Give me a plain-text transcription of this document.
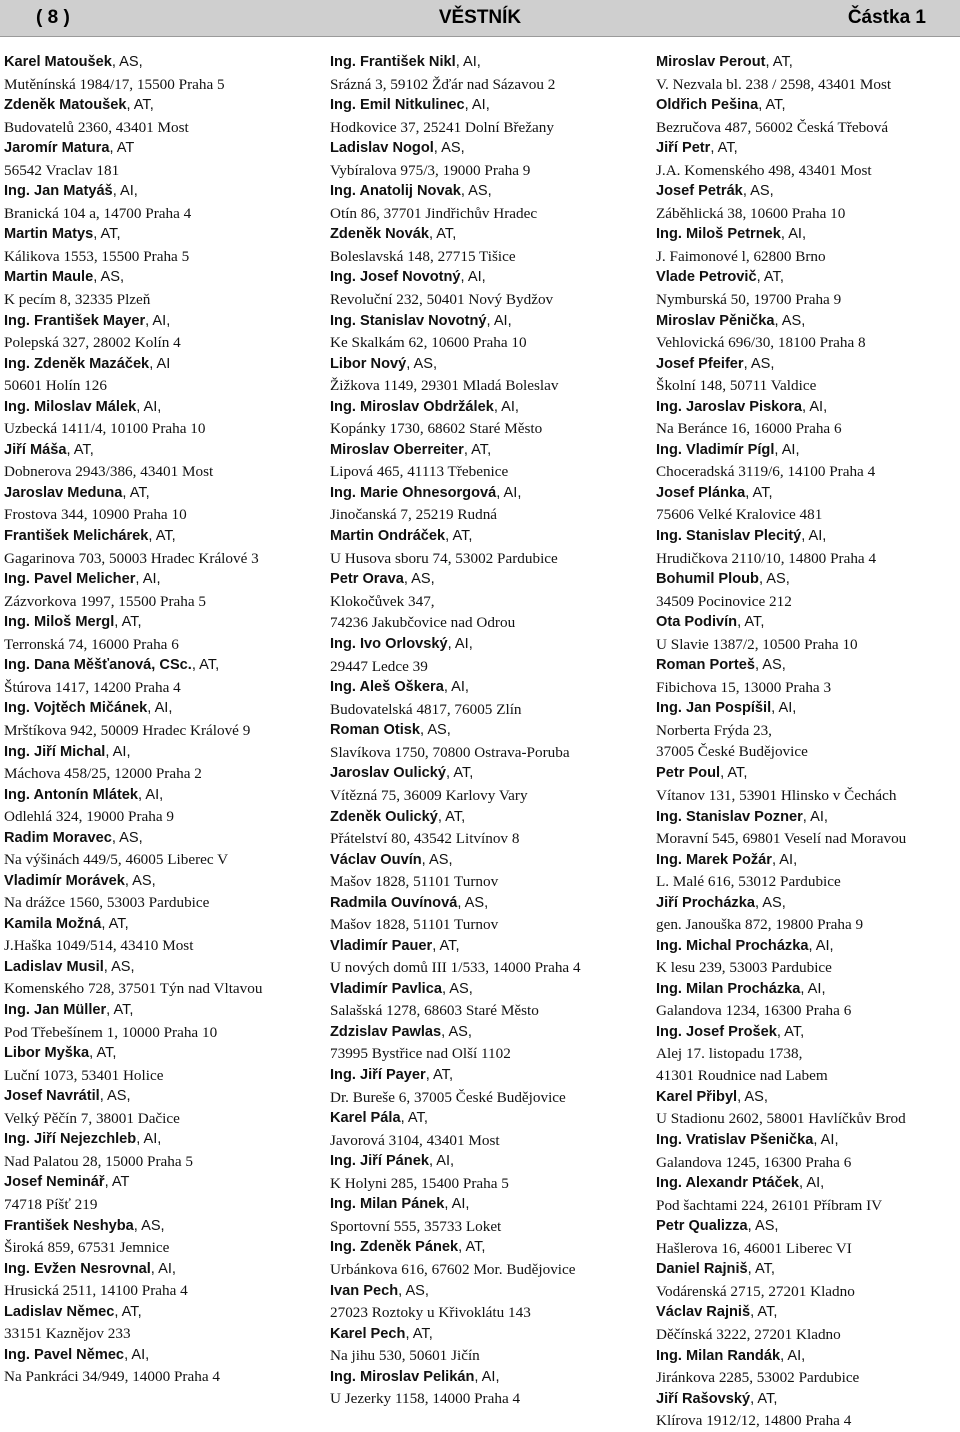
( 8 )	VĚSTNÍK	Částka 1
Karel Matoušek, AS,
Mutěnínská 1984/17, 15500 Praha 5
Zdeněk Matoušek, AT,
Budovatelů 2360, 43401 Most
Jaromír Matura, AT
56542 Vraclav 181
Ing. Jan Matyáš, AI,
Branická 104 a, 14700 Praha 4
Martin Matys, AT,
Kálikova 1553, 15500 Praha 5
Martin Maule, AS,
K pecím 8, 32335 Plzeň
Ing. František Mayer, AI,
Polepská 327, 28002 Kolín 4
Ing. Zdeněk Mazáček, AI
50601 Holín 126
Ing. Miloslav Málek, AI,
Uzbecká 1411/4, 10100 Praha 10
Jiří Máša, AT,
Dobnerova 2943/386, 43401 Most
Jaroslav Meduna, AT,
Frostova 344, 10900 Praha 10
František Melichárek, AT,
Gagarinova 703, 50003 Hradec Králové 3
Ing. Pavel Melicher, AI,
Zázvorkova 1997, 15500 Praha 5
Ing. Miloš Mergl, AT,
Terronská 74, 16000 Praha 6
Ing. Dana Měšťanová, CSc., AT,
Štúrova 1417, 14200 Praha 4
Ing. Vojtěch Mičánek, AI,
Mrštíkova 942, 50009 Hradec Králové 9
Ing. Jiří Michal, AI,
Máchova 458/25, 12000 Praha 2
Ing. Antonín Mlátek, AI,
Odlehlá 324, 19000 Praha 9
Radim Moravec, AS,
Na výšinách 449/5, 46005 Liberec V
Vladimír Morávek, AS,
Na drážce 1560, 53003 Pardubice
Kamila Možná, AT,
J.Haška 1049/514, 43410 Most
Ladislav Musil, AS,
Komenského 728, 37501 Týn nad Vltavou
Ing. Jan Müller, AT,
Pod Třebešínem 1, 10000 Praha 10
Libor Myška, AT,
Luční 1073, 53401 Holice
Josef Navrátil, AS,
Velký Pěčín 7, 38001 Dačice
Ing. Jiří Nejezchleb, AI,
Nad Palatou 28, 15000 Praha 5
Josef Neminář, AT
74718 Píšť 219
František Neshyba, AS,
Široká 859, 67531 Jemnice
Ing. Evžen Nesrovnal, AI,
Hrusická 2511, 14100 Praha 4
Ladislav Němec, AT,
33151 Kaznějov 233
Ing. Pavel Němec, AI,
Na Pankráci 34/949, 14000 Praha 4
Ing. František Nikl, AI,
Srázná 3, 59102 Žďár nad Sázavou 2
Ing. Emil Nitkulinec, AI,
Hodkovice 37, 25241 Dolní Břežany
Ladislav Nogol, AS,
Vybíralova 975/3, 19000 Praha 9
Ing. Anatolij Novak, AS,
Otín 86, 37701 Jindřichův Hradec
Zdeněk Novák, AT,
Boleslavská 148, 27715 Tišice
Ing. Josef Novotný, AI,
Revoluční 232, 50401 Nový Bydžov
Ing. Stanislav Novotný, AI,
Ke Skalkám 62, 10600 Praha 10
Libor Nový, AS,
Žižkova 1149, 29301 Mladá Boleslav
Ing. Miroslav Obdržálek, AI,
Kopánky 1730, 68602 Staré Město
Miroslav Oberreiter, AT,
Lipová 465, 41113 Třebenice
Ing. Marie Ohnesorgová, AI,
Jinočanská 7, 25219 Rudná
Martin Ondráček, AT,
U Husova sboru 74, 53002 Pardubice
Petr Orava, AS,
Klokočůvek 347,
74236 Jakubčovice nad Odrou
Ing. Ivo Orlovský, AI,
29447 Ledce 39
Ing. Aleš Oškera, AI,
Budovatelská 4817, 76005 Zlín
Roman Otisk, AS,
Slavíkova 1750, 70800 Ostrava-Poruba
Jaroslav Oulický, AT,
Vítězná 75, 36009 Karlovy Vary
Zdeněk Oulický, AT,
Přátelství 80, 43542 Litvínov 8
Václav Ouvín, AS,
Mašov 1828, 51101 Turnov
Radmila Ouvínová, AS,
Mašov 1828, 51101 Turnov
Vladimír Pauer, AT,
U nových domů III 1/533, 14000 Praha 4
Vladimír Pavlica, AS,
Salašská 1278, 68603 Staré Město
Zdzislav Pawlas, AS,
73995 Bystřice nad Olší 1102
Ing. Jiří Payer, AT,
Dr. Bureše 6, 37005 České Budějovice
Karel Pála, AT,
Javorová 3104, 43401 Most
Ing. Jiří Pánek, AI,
K Holyni 285, 15400 Praha 5
Ing. Milan Pánek, AI,
Sportovní 555, 35733 Loket
Ing. Zdeněk Pánek, AT,
Urbánkova 616, 67602 Mor. Budějovice
Ivan Pech, AS,
27023 Roztoky u Křivoklátu 143
Karel Pech, AT,
Na jihu 530, 50601 Jičín
Ing. Miroslav Pelikán, AI,
U Jezerky 1158, 14000 Praha 4
Miroslav Perout, AT,
V. Nezvala bl. 238 / 2598, 43401 Most
Oldřich Pešina, AT,
Bezručova 487, 56002 Česká Třebová
Jiří Petr, AT,
J.A. Komenského 498, 43401 Most
Josef Petrák, AS,
Záběhlická 38, 10600 Praha 10
Ing. Miloš Petrnek, AI,
J. Faimonové l, 62800 Brno
Vlade Petrovič, AT,
Nymburská 50, 19700 Praha 9
Miroslav Pěnička, AS,
Vehlovická 696/30, 18100 Praha 8
Josef Pfeifer, AS,
Školní 148, 50711 Valdice
Ing. Jaroslav Piskora, AI,
Na Beránce 16, 16000 Praha 6
Ing. Vladimír Pígl, AI,
Choceradská 3119/6, 14100 Praha 4
Josef Plánka, AT,
75606 Velké Kralovice 481
Ing. Stanislav Plecitý, AI,
Hrudičkova 2110/10, 14800 Praha 4
Bohumil Ploub, AS,
34509 Pocinovice 212
Ota Podivín, AT,
U Slavie 1387/2, 10500 Praha 10
Roman Porteš, AS,
Fibichova 15, 13000 Praha 3
Ing. Jan Pospíšil, AI,
Norberta Frýda 23,
37005 České Budějovice
Petr Poul, AT,
Vítanov 131, 53901 Hlinsko v Čechách
Ing. Stanislav Pozner, AI,
Moravní 545, 69801 Veselí nad Moravou
Ing. Marek Požár, AI,
L. Malé 616, 53012 Pardubice
Jiří Procházka, AS,
gen. Janouška 872, 19800 Praha 9
Ing. Michal Procházka, AI,
K lesu 239, 53003 Pardubice
Ing. Milan Procházka, AI,
Galandova 1234, 16300 Praha 6
Ing. Josef Prošek, AT,
Alej 17. listopadu 1738,
41301 Roudnice nad Labem
Karel Přibyl, AS,
U Stadionu 2602, 58001 Havlíčkův Brod
Ing. Vratislav Pšenička, AI,
Galandova 1245, 16300 Praha 6
Ing. Alexandr Ptáček, AI,
Pod šachtami 224, 26101 Příbram IV
Petr Qualizza, AS,
Hašlerova 16, 46001 Liberec VI
Daniel Rajniš, AT,
Vodárenská 2715, 27201 Kladno
Václav Rajniš, AT,
Děčínská 3222, 27201 Kladno
Ing. Milan Randák, AI,
Jiránkova 2285, 53002 Pardubice
Jiří Rašovský, AT,
Klírova 1912/12, 14800 Praha 4
